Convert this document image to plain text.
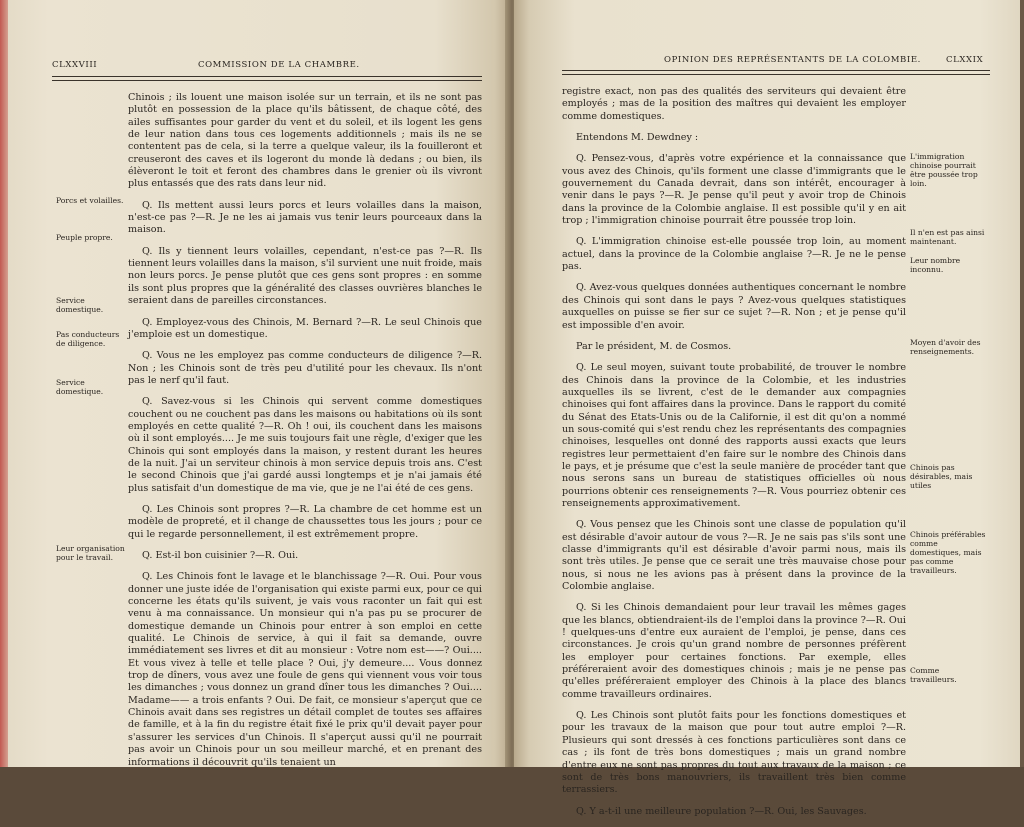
CLXXVIII	COMMISSION DE LA CHAMBRE.
Porcs et volailles.
Peuple propre.
Service domestique.
Pas conducteurs de diligence.
Service domestique.
Leur organisation pour le travail.

Chinois ; ils louent une maison isolée sur un terrain, et ils ne sont pas plutôt en possession de la place qu'ils bâtissent, de chaque côté, des ailes suffisantes pour garder du vent et du soleil, et ils logent les gens de leur nation dans tous ces logements additionnels ; mais ils ne se contentent pas de cela, si la terre a quelque valeur, ils la fouilleront et creuseront des caves et ils logeront du monde là dedans ; ou bien, ils élèveront le toit et feront des chambres dans le grenier où ils vivront plus entassés que des rats dans leur nid.

Q. Ils mettent aussi leurs porcs et leurs volailles dans la maison, n'est-ce pas ?—R. Je ne les ai jamais vus tenir leurs pourceaux dans la maison.

Q. Ils y tiennent leurs volailles, cependant, n'est-ce pas ?—R. Ils tiennent leurs volailles dans la maison, s'il survient une nuit froide, mais non leurs porcs. Je pense plutôt que ces gens sont propres : en somme ils sont plus propres que la généralité des classes ouvrières blanches le seraient dans de pareilles circonstances.

Q. Employez-vous des Chinois, M. Bernard ?—R. Le seul Chinois que j'emploie est un domestique.

Q. Vous ne les employez pas comme conducteurs de diligence ?—R. Non ; les Chinois sont de très peu d'utilité pour les chevaux. Ils n'ont pas le nerf qu'il faut.

Q. Savez-vous si les Chinois qui servent comme domestiques couchent ou ne couchent pas dans les maisons ou habitations où ils sont employés en cette qualité ?—R. Oh ! oui, ils couchent dans les maisons où il sont employés.... Je me suis toujours fait une règle, d'exiger que les Chinois qui sont employés dans la maison, y restent durant les heures de la nuit. J'ai un serviteur chinois à mon service depuis trois ans. C'est le second Chinois que j'ai gardé aussi longtemps et je n'ai jamais été plus satisfait d'un domestique de ma vie, que je ne l'ai été de ces gens.

Q. Les Chinois sont propres ?—R. La chambre de cet homme est un modèle de propreté, et il change de chaussettes tous les jours ; pour ce qui le regarde personnellement, il est extrêmement propre.

Q. Est-il bon cuisinier ?—R. Oui.

Q. Les Chinois font le lavage et le blanchissage ?—R. Oui. Pour vous donner une juste idée de l'organisation qui existe parmi eux, pour ce qui concerne les états qu'ils suivent, je vais vous raconter un fait qui est venu à ma connaissance. Un monsieur qui n'a pas pu se procurer de domestique demande un Chinois pour entrer à son emploi en cette qualité. Le Chinois de service, à qui il fait sa demande, ouvre immédiatement ses livres et dit au monsieur : Votre nom est——? Oui.... Et vous vivez à telle et telle place ? Oui, j'y demeure.... Vous donnez trop de dîners, vous avez une foule de gens qui viennent vous voir tous les dimanches ; vous donnez un grand dîner tous les dimanches ? Oui.... Madame—— a trois enfants ? Oui. De fait, ce monsieur s'aperçut que ce Chinois avait dans ses registres un détail complet de toutes ses affaires de famille, et à la fin du registre était fixé le prix qu'il devait payer pour s'assurer les services d'un Chinois. Il s'aperçut aussi qu'il ne pourrait pas avoir un Chinois pour un sou meilleur marché, et en prenant des informations il découvrit qu'ils tenaient un

OPINION DES REPRÉSENTANTS DE LA COLOMBIE.	CLXXIX
L'immigration chinoise pourrait être poussée trop loin.
Il n'en est pas ainsi maintenant.
Leur nombre inconnu.
Moyen d'avoir des renseignements.
Chinois pas désirables, mais utiles
Chinois préférables comme domestiques, mais pas comme travailleurs.
Comme travailleurs.

registre exact, non pas des qualités des serviteurs qui devaient être employés ; mas de la position des maîtres qui devaient les employer comme domestiques.

Entendons M. Dewdney :

Q. Pensez-vous, d'après votre expérience et la connaissance que vous avez des Chinois, qu'ils forment une classe d'immigrants que le gouvernement du Canada devrait, dans son intérêt, encourager à venir dans le pays ?—R. Je pense qu'il peut y avoir trop de Chinois dans la province de la Colombie anglaise. Il est possible qu'il y en ait trop ; l'immigration chinoise pourrait être poussée trop loin.

Q. L'immigration chinoise est-elle poussée trop loin, au moment actuel, dans la province de la Colombie anglaise ?—R. Je ne le pense pas.

Q. Avez-vous quelques données authentiques concernant le nombre des Chinois qui sont dans le pays ? Avez-vous quelques statistiques auxquelles on puisse se fier sur ce sujet ?—R. Non ; et je pense qu'il est impossible d'en avoir.

Par le président, M. de Cosmos.

Q. Le seul moyen, suivant toute probabilité, de trouver le nombre des Chinois dans la province de la Colombie, et les industries auxquelles ils se livrent, c'est de le demander aux compagnies chinoises qui font affaires dans la province. Dans le rapport du comité du Sénat des Etats-Unis ou de la Californie, il est dit qu'on a nommé un sous-comité qui s'est rendu chez les représentants des compagnies chinoises, lesquelles ont donné des rapports aussi exacts que leurs registres leur permettaient d'en faire sur le nombre des Chinois dans le pays, et je présume que c'est la seule manière de procéder tant que nous serons sans un bureau de statistiques officielles où nous pourrions obtenir ces renseignements ?—R. Vous pourriez obtenir ces renseignements approximativement.

Q. Vous pensez que les Chinois sont une classe de population qu'il est désirable d'avoir autour de vous ?—R. Je ne sais pas s'ils sont une classe d'immigrants qu'il est désirable d'avoir parmi nous, mais ils sont très utiles. Je pense que ce serait une très mauvaise chose pour nous, si nous ne les avions pas à présent dans la province de la Colombie anglaise.

Q. Si les Chinois demandaient pour leur travail les mêmes gages que les blancs, obtiendraient-ils de l'emploi dans la province ?—R. Oui ! quelques-uns d'entre eux auraient de l'emploi, je pense, dans ces circonstances. Je crois qu'un grand nombre de personnes préfèrent les employer pour certaines fonctions. Par exemple, elles préféreraient avoir des domestiques chinois ; mais je ne pense pas qu'elles préféreraient employer des Chinois à la place des blancs comme travailleurs ordinaires.

Q. Les Chinois sont plutôt faits pour les fonctions domestiques et pour les travaux de la maison que pour tout autre emploi ?—R. Plusieurs qui sont dressés à ces fonctions particulières sont dans ce cas ; ils font de très bons domestiques ; mais un grand nombre d'entre eux ne sont pas propres du tout aux travaux de la maison ; ce sont de très bons manouvriers, ils travaillent très bien comme terrassiers.

Q. Y a-t-il une meilleure population ?—R. Oui, les Sauvages.
